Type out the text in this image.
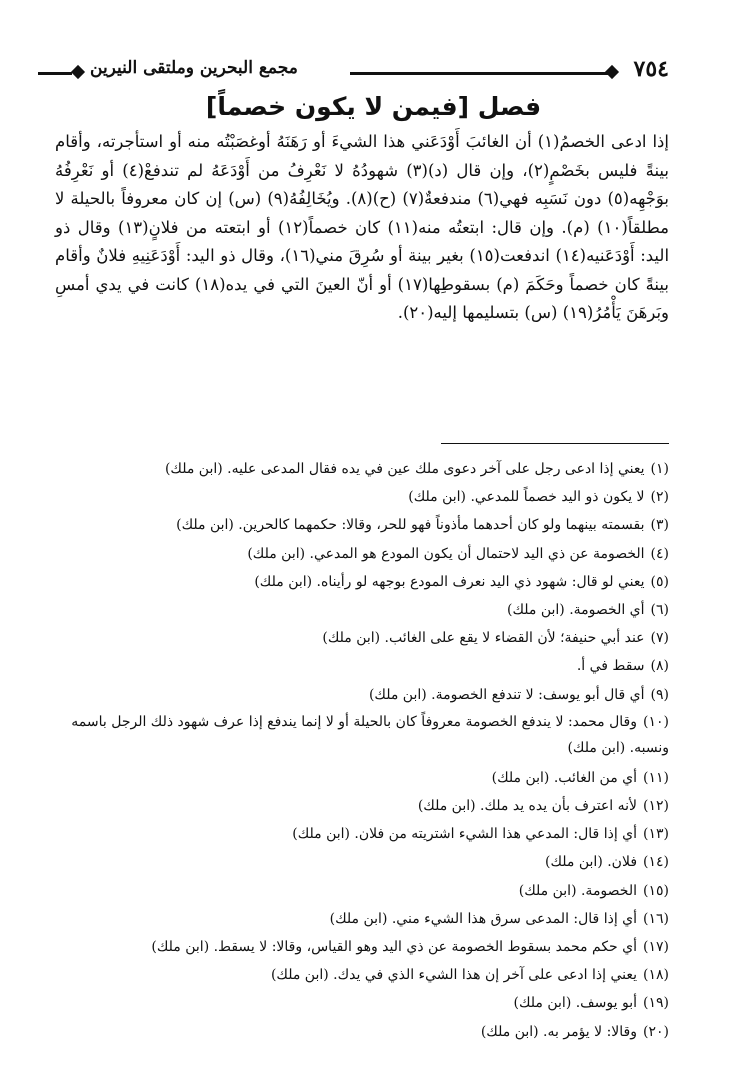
٧٥٤
مجمع البحرين وملتقى النيرين
فصل [فيمن لا يكون خصماً]

إذا ادعى الخصمُ(١) أن الغائبَ أَوْدَعَني هذا الشيءَ أو رَهَنَهُ أوغصَبْتُه منه أو استأجرته، وأقام بينةً فليس بخَصْمٍ(٢)، وإن قال (د)(٣) شهودُهُ لا نَعْرِفُ من أَوْدَعَهُ لم تندفعْ(٤) أو نَعْرِفُهُ بوَجْهِه(٥) دون نَسَبِه فهي(٦) مندفعةٌ(٧) (ح)(٨). ويُخَالِفُهُ(٩) (س) إن كان معروفاً بالحيلة لا مطلقاً(١٠) (م). وإن قال: ابتعتُه منه(١١) كان خصماً(١٢) أو ابتعته من فلانٍ(١٣) وقال ذو اليد: أَوْدَعَنيه(١٤) اندفعت(١٥) بغير بينة أو سُرِقَ مني(١٦)، وقال ذو اليد: أَوْدَعَنِيهِ فلانٌ وأقام بينةً كان خصماً وحَكَمَ (م) بسقوطِها(١٧) أو أنّ العينَ التي في يده(١٨) كانت في يدي أمسِ وبَرهَنَ يَأْمُرُ(١٩) (س) بتسليمها إليه(٢٠).

(١)يعني إذا ادعى رجل على آخر دعوى ملك عين في يده فقال المدعى عليه. (ابن ملك)
(٢)لا يكون ذو اليد خصماً للمدعي. (ابن ملك)
(٣)بقسمته بينهما ولو كان أحدهما مأذوناً فهو للحر، وقالا: حكمهما كالحرين. (ابن ملك)
(٤)الخصومة عن ذي اليد لاحتمال أن يكون المودع هو المدعي. (ابن ملك)
(٥)يعني لو قال: شهود ذي اليد نعرف المودع بوجهه لو رأيناه. (ابن ملك)
(٦)أي الخصومة. (ابن ملك)
(٧)عند أبي حنيفة؛ لأن القضاء لا يقع على الغائب. (ابن ملك)
(٨)سقط في أ.
(٩)أي قال أبو يوسف: لا تندفع الخصومة. (ابن ملك)
(١٠)وقال محمد: لا يندفع الخصومة معروفاً كان بالحيلة أو لا إنما يندفع إذا عرف شهود ذلك الرجل باسمه ونسبه. (ابن ملك)
(١١)أي من الغائب. (ابن ملك)
(١٢)لأنه اعترف بأن يده يد ملك. (ابن ملك)
(١٣)أي إذا قال: المدعي هذا الشيء اشتريته من فلان. (ابن ملك)
(١٤)فلان. (ابن ملك)
(١٥)الخصومة. (ابن ملك)
(١٦)أي إذا قال: المدعى سرق هذا الشيء مني. (ابن ملك)
(١٧)أي حكم محمد بسقوط الخصومة عن ذي اليد وهو القياس، وقالا: لا يسقط. (ابن ملك)
(١٨)يعني إذا ادعى على آخر إن هذا الشيء الذي في يدك. (ابن ملك)
(١٩)أبو يوسف. (ابن ملك)
(٢٠)وقالا: لا يؤمر به. (ابن ملك)
